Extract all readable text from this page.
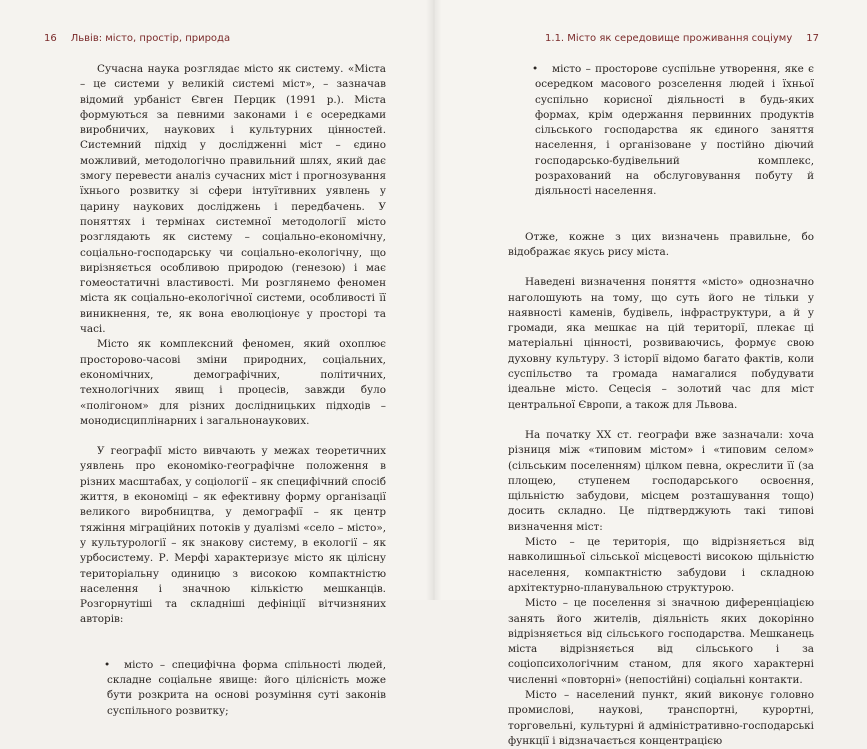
16 Львів: місто, простір, природа

Сучасна наука розглядає місто як систему. «Міста – це системи у великій системі міст», – зазначав відомий урбаніст Євген Перцик (1991 р.). Міста формуються за певними законами і є осередками виробничих, наукових і культурних цінностей. Системний підхід у дослідженні міст – єдино можливий, методологічно правильний шлях, який дає змогу перевести аналіз сучасних міст і прогнозування їхнього розвитку зі сфери інтуїтивних уявлень у царину наукових досліджень і передбачень. У поняттях і термінах системної методології місто розглядають як систему – соціально-економічну, соціально-господарську чи соціально-екологічну, що вирізняється особливою природою (генезою) і має гомеостатичні властивості. Ми розглянемо феномен міста як соціально-екологічної системи, особливості її виникнення, те, як вона еволюціонує у просторі та часі.

Місто як комплексний феномен, який охоплює просторово-часові зміни природних, соціальних, економічних, демографічних, політичних, технологічних явищ і процесів, завжди було «полігоном» для різних дослідницьких підходів – монодисциплінарних і загальнонаукових.

У географії місто вивчають у межах теоретичних уявлень про економіко-географічне положення в різних масштабах, у соціології – як специфічний спосіб життя, в економіці – як ефективну форму організації великого виробництва, у демографії – як центр тяжіння міграційних потоків у дуалізмі «село – місто», у культурології – як знакову систему, в екології – як урбосистему. Р. Мерфі характеризує місто як цілісну територіальну одиницю з високою компактністю населення і значною кількістю мешканців. Розгорнутіші та складніші дефініції вітчизняних авторів:

• місто – специфічна форма спільності людей, складне соціальне явище: його цілісність може бути розкрита на основі розуміння суті законів суспільного розвитку;

1.1. Місто як середовище проживання соціуму 17

• місто – просторове суспільне утворення, яке є осередком масового розселення людей і їхньої суспільно корисної діяльності в будь-яких формах, крім одержання первинних продуктів сільського господарства як єдиного заняття населення, і організоване у постійно діючий господарсько-будівельний комплекс, розрахований на обслуговування побуту й діяльності населення.

Отже, кожне з цих визначень правильне, бо відображає якусь рису міста.

Наведені визначення поняття «місто» однозначно наголошують на тому, що суть його не тільки у наявності каменів, будівель, інфраструктури, а й у громади, яка мешкає на цій території, плекає ці матеріальні цінності, розвиваючись, формує свою духовну культуру. З історії відомо багато фактів, коли суспільство та громада намагалися побудувати ідеальне місто. Сецесія – золотий час для міст центральної Європи, а також для Львова.

На початку ХХ ст. географи вже зазначали: хоча різниця між «типовим містом» і «типовим селом» (сільським поселенням) цілком певна, окреслити її (за площею, ступенем господарського освоєння, щільністю забудови, місцем розташування тощо) досить складно. Це підтверджують такі типові визначення міст:

Місто – це територія, що відрізняється від навколишньої сільської місцевості високою щільністю населення, компактністю забудови і складною архітектурно-планувальною структурою.

Місто – це поселення зі значною диференціацією занять його жителів, діяльність яких докорінно відрізняється від сільського господарства. Мешканець міста відрізняється від сільського і за соціопсихологічним станом, для якого характерні численні «повторні» (непостійні) соціальні контакти.

Місто – населений пункт, який виконує головно промислові, наукові, транспортні, курортні, торговельні, культурні й адміністративно-господарські функції і відзначається концентрацією
